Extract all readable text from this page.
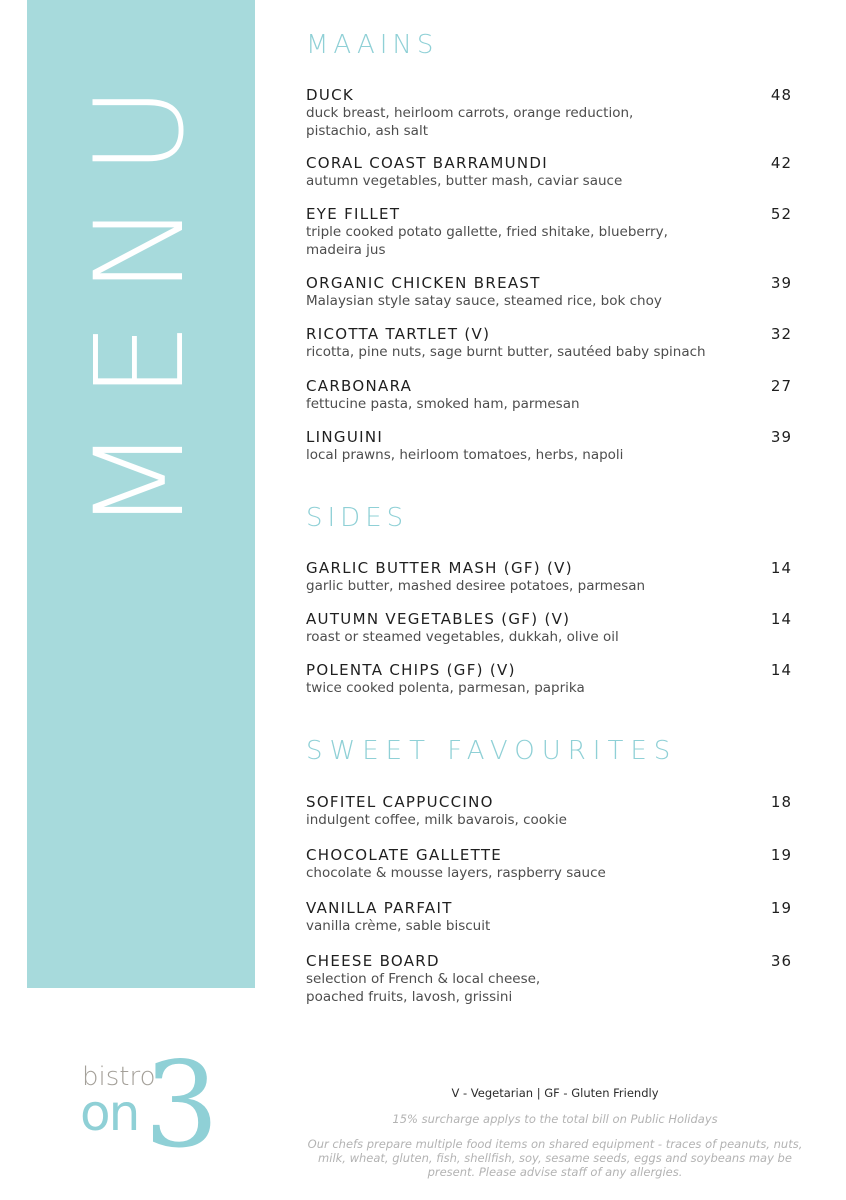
MENU
MAAINS
DUCK
duck breast, heirloom carrots, orange reduction, pistachio, ash salt
48
CORAL COAST BARRAMUNDI
autumn vegetables, butter mash, caviar sauce
42
EYE FILLET
triple cooked potato gallette, fried shitake, blueberry, madeira jus
52
ORGANIC CHICKEN BREAST
Malaysian style satay sauce, steamed rice, bok choy
39
RICOTTA TARTLET (V)
ricotta, pine nuts, sage burnt butter, sautéed baby spinach
32
CARBONARA
fettucine pasta, smoked ham, parmesan
27
LINGUINI
local prawns, heirloom tomatoes, herbs, napoli
39
SIDES
GARLIC BUTTER MASH (GF) (V)
garlic butter, mashed desiree potatoes, parmesan
14
AUTUMN VEGETABLES (GF) (V)
roast or steamed vegetables, dukkah, olive oil
14
POLENTA CHIPS (GF) (V)
twice cooked polenta, parmesan, paprika
14
SWEET FAVOURITES
SOFITEL CAPPUCCINO
indulgent coffee, milk bavarois, cookie
18
CHOCOLATE GALLETTE
chocolate & mousse layers, raspberry sauce
19
VANILLA PARFAIT
vanilla crème, sable biscuit
19
CHEESE BOARD
selection of French & local cheese, poached fruits, lavosh, grissini
36
bistro
on 3	V - Vegetarian | GF - Gluten Friendly
15% surcharge applys to the total bill on Public Holidays
Our chefs prepare multiple food items on shared equipment - traces of peanuts, nuts, milk, wheat, gluten, fish, shellfish, soy, sesame seeds, eggs and soybeans may be present. Please advise staff of any allergies.
